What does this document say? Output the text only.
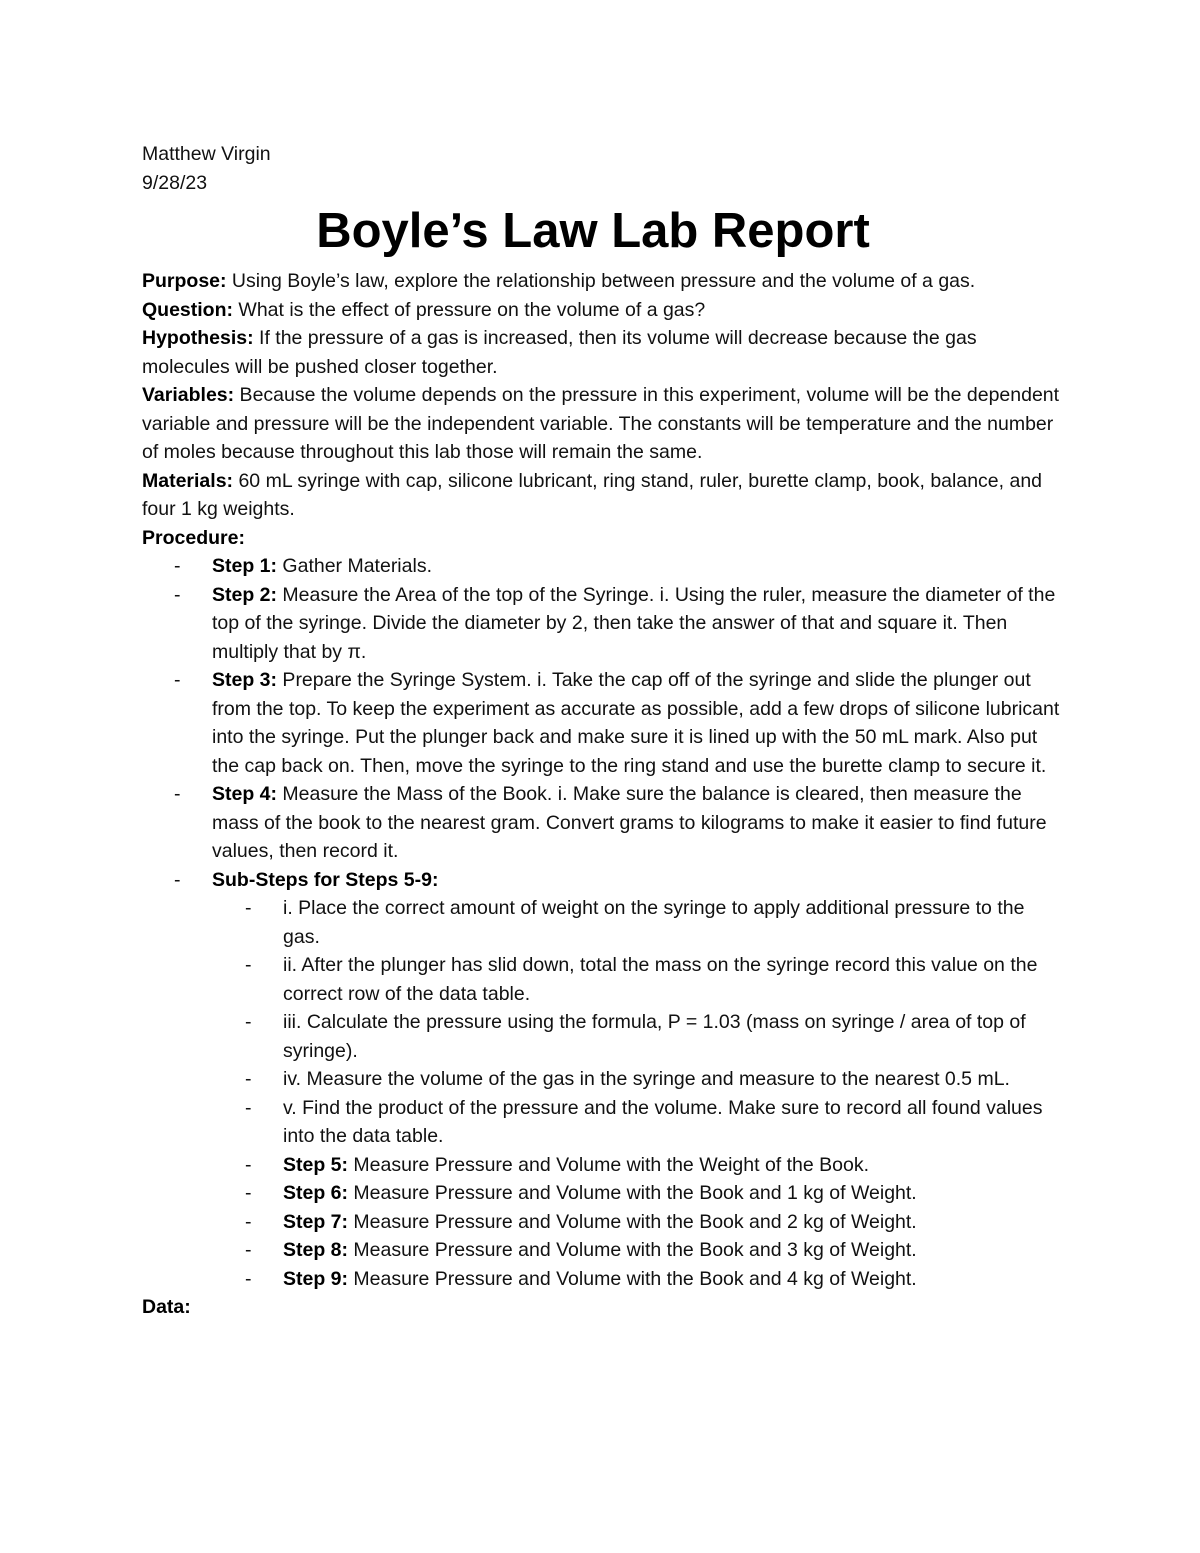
Matthew Virgin
9/28/23
Boyle’s Law Lab Report
Purpose: Using Boyle’s law, explore the relationship between pressure and the volume of a gas.
Question: What is the effect of pressure on the volume of a gas?
Hypothesis: If the pressure of a gas is increased, then its volume will decrease because the gas molecules will be pushed closer together.
Variables: Because the volume depends on the pressure in this experiment, volume will be the dependent variable and pressure will be the independent variable. The constants will be temperature and the number of moles because throughout this lab those will remain the same.
Materials: 60 mL syringe with cap, silicone lubricant, ring stand, ruler, burette clamp, book, balance, and four 1 kg weights.
Procedure:
- Step 1: Gather Materials.
- Step 2: Measure the Area of the top of the Syringe. i. Using the ruler, measure the diameter of the top of the syringe. Divide the diameter by 2, then take the answer of that and square it. Then multiply that by π.
- Step 3: Prepare the Syringe System. i. Take the cap off of the syringe and slide the plunger out from the top. To keep the experiment as accurate as possible, add a few drops of silicone lubricant into the syringe. Put the plunger back and make sure it is lined up with the 50 mL mark. Also put the cap back on. Then, move the syringe to the ring stand and use the burette clamp to secure it.
- Step 4: Measure the Mass of the Book. i. Make sure the balance is cleared, then measure the mass of the book to the nearest gram. Convert grams to kilograms to make it easier to find future values, then record it.
- Sub-Steps for Steps 5-9:
- i. Place the correct amount of weight on the syringe to apply additional pressure to the gas.
- ii. After the plunger has slid down, total the mass on the syringe record this value on the correct row of the data table.
- iii. Calculate the pressure using the formula, P = 1.03 (mass on syringe / area of top of syringe).
- iv. Measure the volume of the gas in the syringe and measure to the nearest 0.5 mL.
- v. Find the product of the pressure and the volume. Make sure to record all found values into the data table.
- Step 5: Measure Pressure and Volume with the Weight of the Book.
- Step 6: Measure Pressure and Volume with the Book and 1 kg of Weight.
- Step 7: Measure Pressure and Volume with the Book and 2 kg of Weight.
- Step 8: Measure Pressure and Volume with the Book and 3 kg of Weight.
- Step 9: Measure Pressure and Volume with the Book and 4 kg of Weight.
Data:
